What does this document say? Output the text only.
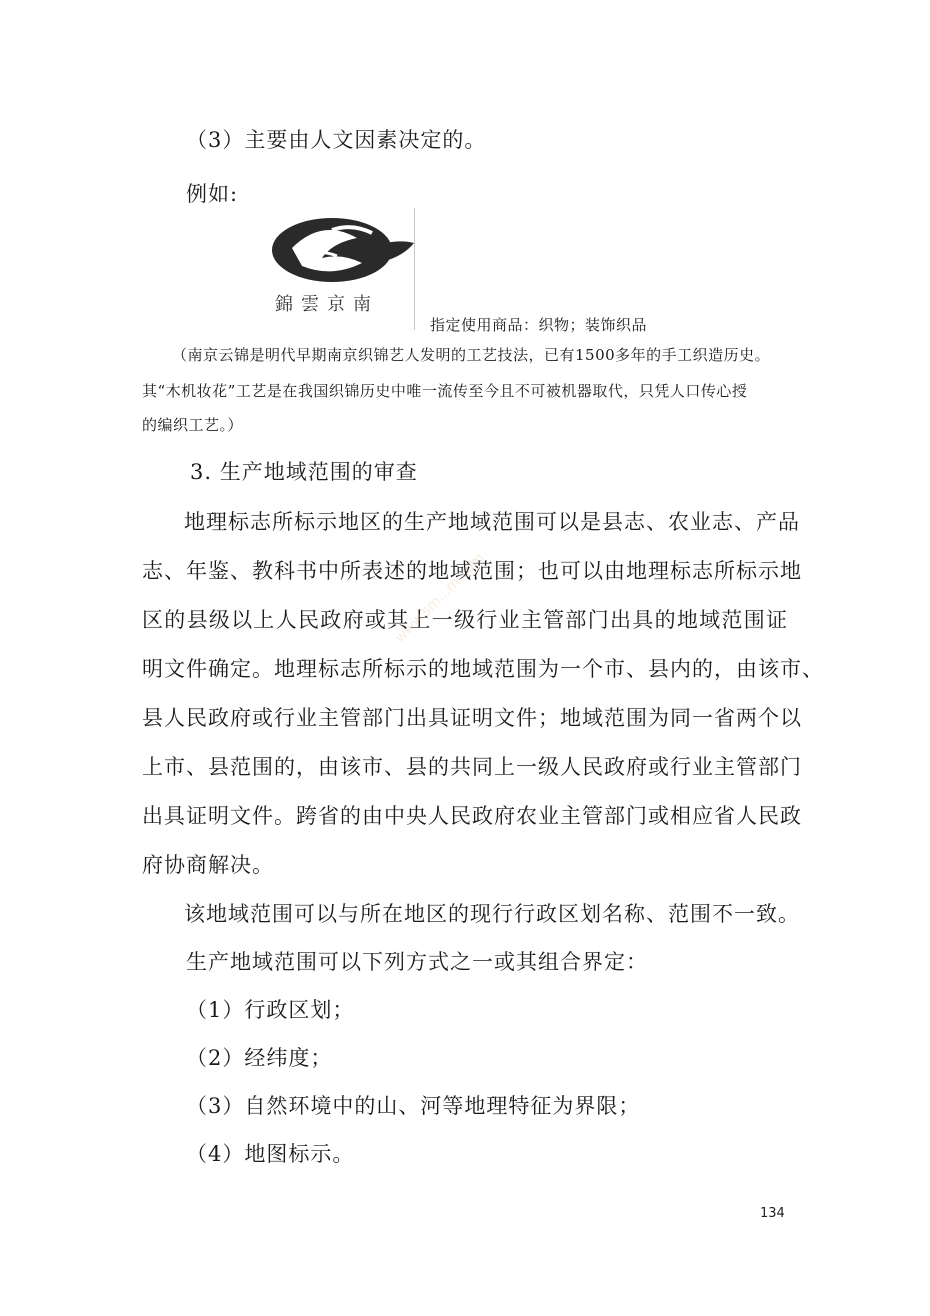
（3）主要由人文因素决定的。
例如:
錦雲京南
指定使用商品：织物；装饰织品
（南京云锦是明代早期南京织锦艺人发明的工艺技法，已有1500多年的手工织造历史。
其“木机妆花”工艺是在我国织锦历史中唯一流传至今且不可被机器取代，只凭人口传心授
的编织工艺。）
3. 生产地域范围的审查
地理标志所标示地区的生产地域范围可以是县志、农业志、产品
志、年鉴、教科书中所表述的地域范围；也可以由地理标志所标示地
区的县级以上人民政府或其上一级行业主管部门出具的地域范围证
明文件确定。地理标志所标示的地域范围为一个市、县内的，由该市、
县人民政府或行业主管部门出具证明文件；地域范围为同一省两个以
上市、县范围的，由该市、县的共同上一级人民政府或行业主管部门
出具证明文件。跨省的由中央人民政府农业主管部门或相应省人民政
府协商解决。
该地域范围可以与所在地区的现行行政区划名称、范围不一致。
生产地域范围可以下列方式之一或其组合界定：
（1）行政区划；
（2）经纬度；
（3）自然环境中的山、河等地理特征为界限；
（4）地图标示。
www.sm...m.com
134
